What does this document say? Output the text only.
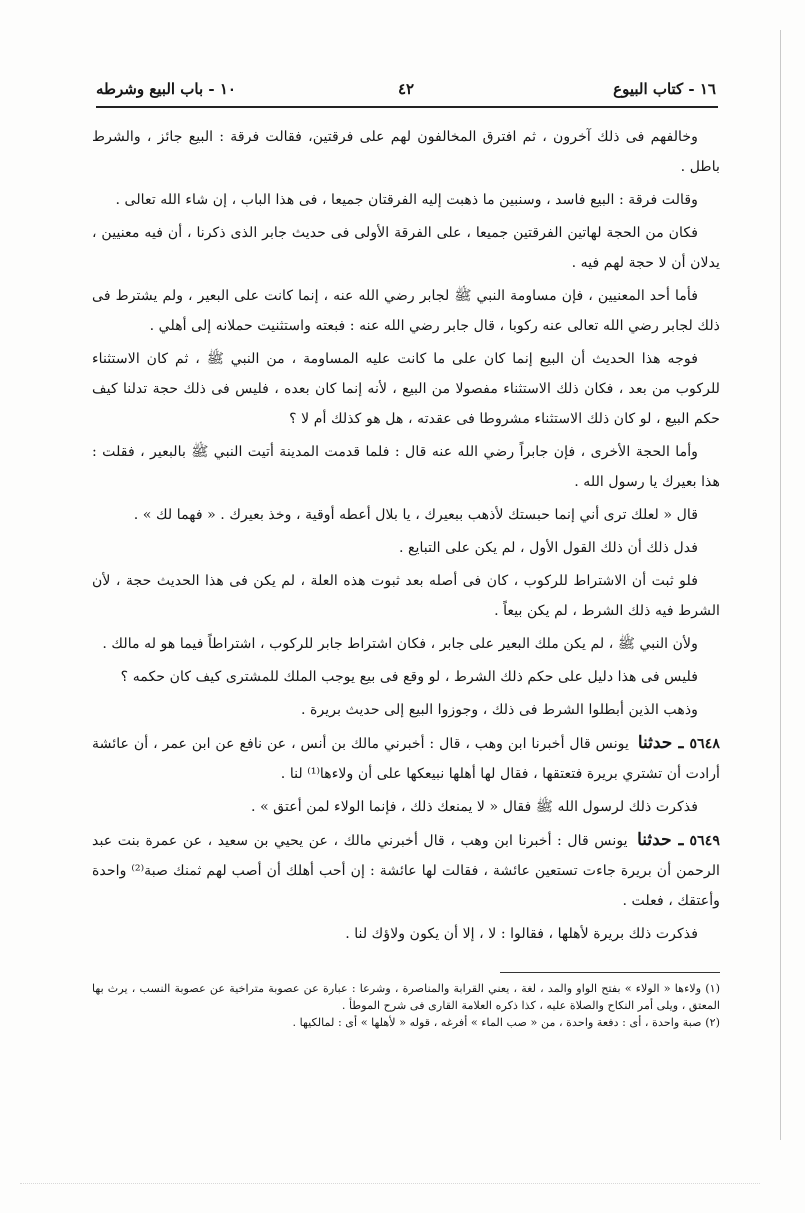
١٦ - كتاب البيوع
٤٢
١٠ - باب البيع وشرطه

وخالفهم فى ذلك آخرون ، ثم افترق المخالفون لهم على فرقتين، فقالت فرقة : البيع جائز ، والشرط باطل .

وقالت فرقة : البيع فاسد ، وسنبين ما ذهبت إليه الفرقتان جميعا ، فى هذا الباب ، إن شاء الله تعالى .

فكان من الحجة لهاتين الفرقتين جميعا ، على الفرقة الأولى فى حديث جابر الذى ذكرنا ، أن فيه معنيين ، يدلان أن لا حجة لهم فيه .

فأما أحد المعنيين ، فإن مساومة النبي ﷺ لجابر رضي الله عنه ، إنما كانت على البعير ، ولم يشترط فى ذلك لجابر رضي الله تعالى عنه ركوبا ، قال جابر رضي الله عنه : فبعته واستثنيت حملانه إلى أهلي .

فوجه هذا الحديث أن البيع إنما كان على ما كانت عليه المساومة ، من النبي ﷺ ، ثم كان الاستثناء للركوب من بعد ، فكان ذلك الاستثناء مفصولا من البيع ، لأنه إنما كان بعده ، فليس فى ذلك حجة تدلنا كيف حكم البيع ، لو كان ذلك الاستثناء مشروطا فى عقدته ، هل هو كذلك أم لا ؟

وأما الحجة الأخرى ، فإن جابراً رضي الله عنه قال : فلما قدمت المدينة أتيت النبي ﷺ بالبعير ، فقلت : هذا بعيرك يا رسول الله .

قال « لعلك ترى أني إنما حبستك لأذهب ببعيرك ، يا بلال أعطه أوقية ، وخذ بعيرك . « فهما لك » .

فدل ذلك أن ذلك القول الأول ، لم يكن على التبايع .

فلو ثبت أن الاشتراط للركوب ، كان فى أصله بعد ثبوت هذه العلة ، لم يكن فى هذا الحديث حجة ، لأن الشرط فيه ذلك الشرط ، لم يكن بيعاً .

ولأن النبي ﷺ ، لم يكن ملك البعير على جابر ، فكان اشتراط جابر للركوب ، اشتراطاً فيما هو له مالك .

فليس فى هذا دليل على حكم ذلك الشرط ، لو وقع فى بيع يوجب الملك للمشترى كيف كان حكمه ؟

وذهب الذين أبطلوا الشرط فى ذلك ، وجوزوا البيع إلى حديث بريرة .

٥٦٤٨ـ حدثنا يونس قال أخبرنا ابن وهب ، قال : أخبرني مالك بن أنس ، عن نافع عن ابن عمر ، أن عائشة أرادت أن تشتري بريرة فتعتقها ، فقال لها أهلها نبيعكها على أن ولاءها⁽¹⁾ لنا .

فذكرت ذلك لرسول الله ﷺ فقال « لا يمنعك ذلك ، فإنما الولاء لمن أعتق » .

٥٦٤٩ـ حدثنا يونس قال : أخبرنا ابن وهب ، قال أخبرني مالك ، عن يحيي بن سعيد ، عن عمرة بنت عبد الرحمن أن بريرة جاءت تستعين عائشة ، فقالت لها عائشة : إن أحب أهلك أن أصب لهم ثمنك صبة⁽²⁾ واحدة وأعتقك ، فعلت .

فذكرت ذلك بريرة لأهلها ، فقالوا : لا ، إلا أن يكون ولاؤك لنا .

(١) ولاءها « الولاء » بفتح الواو والمد ، لغة ، يعني القرابة والمناصرة ، وشرعا : عبارة عن عصوبة متراخية عن عصوبة النسب ، يرث بها المعتق ، ويلى أمر النكاح والصلاة عليه ، كذا ذكره العلامة القارى فى شرح الموطأ .

(٢) صبة واحدة ، أى : دفعة واحدة ، من « صب الماء » أفرغه ، قوله « لأهلها » أى : لمالكيها .
